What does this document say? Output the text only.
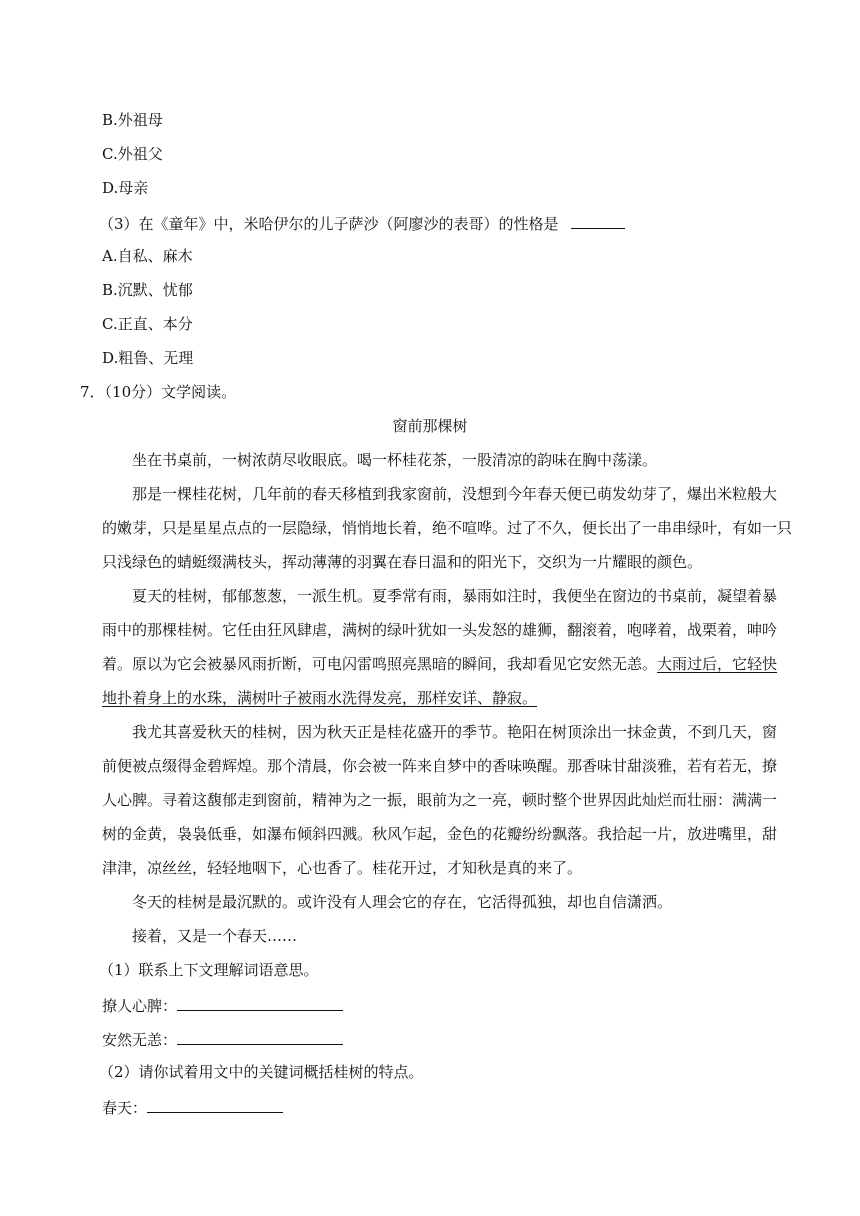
B.外祖母
C.外祖父
D.母亲
（3）在《童年》中，米哈伊尔的儿子萨沙（阿廖沙的表哥）的性格是
A.自私、麻木
B.沉默、忧郁
C.正直、本分
D.粗鲁、无理
7．（10分）文学阅读。
窗前那棵树
坐在书桌前，一树浓荫尽收眼底。喝一杯桂花茶，一股清凉的韵味在胸中荡漾。
那是一棵桂花树，几年前的春天移植到我家窗前，没想到今年春天便已萌发幼芽了，爆出米粒般大
的嫩芽，只是星星点点的一层隐绿，悄悄地长着，绝不喧哗。过了不久，便长出了一串串绿叶，有如一只
只浅绿色的蜻蜓缀满枝头，挥动薄薄的羽翼在春日温和的阳光下，交织为一片耀眼的颜色。
夏天的桂树，郁郁葱葱，一派生机。夏季常有雨，暴雨如注时，我便坐在窗边的书桌前，凝望着暴
雨中的那棵桂树。它任由狂风肆虐，满树的绿叶犹如一头发怒的雄狮，翻滚着，咆哮着，战栗着，呻吟
着。原以为它会被暴风雨折断，可电闪雷鸣照亮黑暗的瞬间，我却看见它安然无恙。大雨过后，它轻快
地扑着身上的水珠，满树叶子被雨水洗得发亮，那样安详、静寂。
我尤其喜爱秋天的桂树，因为秋天正是桂花盛开的季节。艳阳在树顶涂出一抹金黄，不到几天，窗
前便被点缀得金碧辉煌。那个清晨，你会被一阵来自梦中的香味唤醒。那香味甘甜淡雅，若有若无，撩
人心脾。寻着这馥郁走到窗前，精神为之一振，眼前为之一亮，顿时整个世界因此灿烂而壮丽：满满一
树的金黄，袅袅低垂，如瀑布倾斜四溅。秋风乍起，金色的花瓣纷纷飘落。我拾起一片，放进嘴里，甜
津津，凉丝丝，轻轻地咽下，心也香了。桂花开过，才知秋是真的来了。
冬天的桂树是最沉默的。或许没有人理会它的存在，它活得孤独，却也自信潇洒。
接着，又是一个春天……
（1）联系上下文理解词语意思。
撩人心脾：
安然无恙：
（2）请你试着用文中的关键词概括桂树的特点。
春天：
